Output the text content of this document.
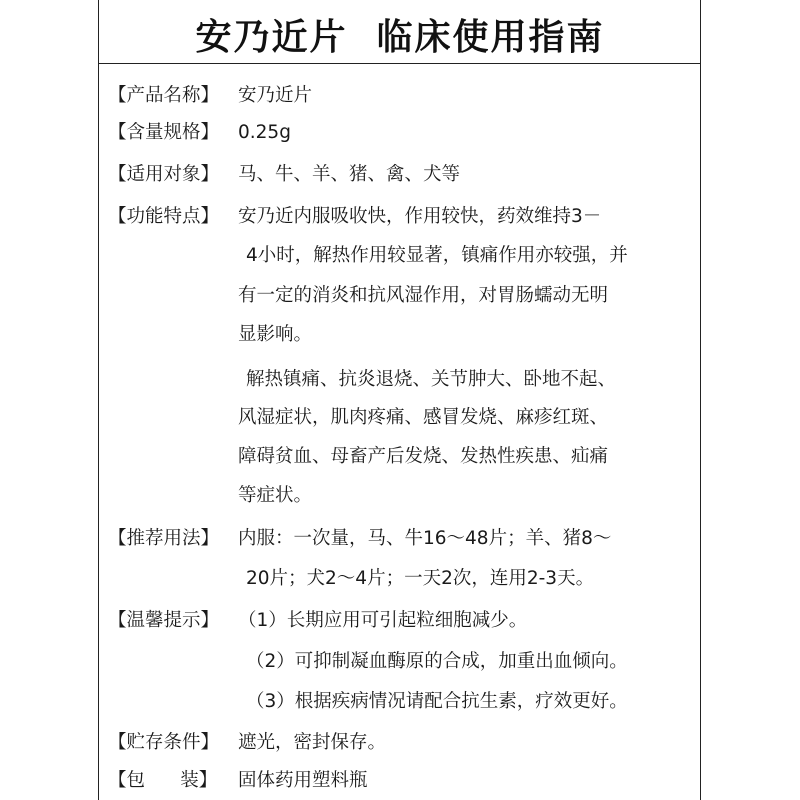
安乃近片  临床使用指南
【产品名称】	安乃近片
【含量规格】	0.25g
【适用对象】	马、牛、羊、猪、禽、犬等
【功能特点】	安乃近内服吸收快，作用较快，药效维持3－
4小时，解热作用较显著，镇痛作用亦较强，并
有一定的消炎和抗风湿作用，对胃肠蠕动无明
显影响。
解热镇痛、抗炎退烧、关节肿大、卧地不起、
风湿症状，肌肉疼痛、感冒发烧、麻疹红斑、
障碍贫血、母畜产后发烧、发热性疾患、疝痛
等症状。
【推荐用法】	内服：一次量，马、牛16～48片；羊、猪8～
20片；犬2～4片；一天2次，连用2-3天。
【温馨提示】	（1）长期应用可引起粒细胞减少。
（2）可抑制凝血酶原的合成，加重出血倾向。
（3）根据疾病情况请配合抗生素，疗效更好。
【贮存条件】	遮光，密封保存。
【包      装】	固体药用塑料瓶
